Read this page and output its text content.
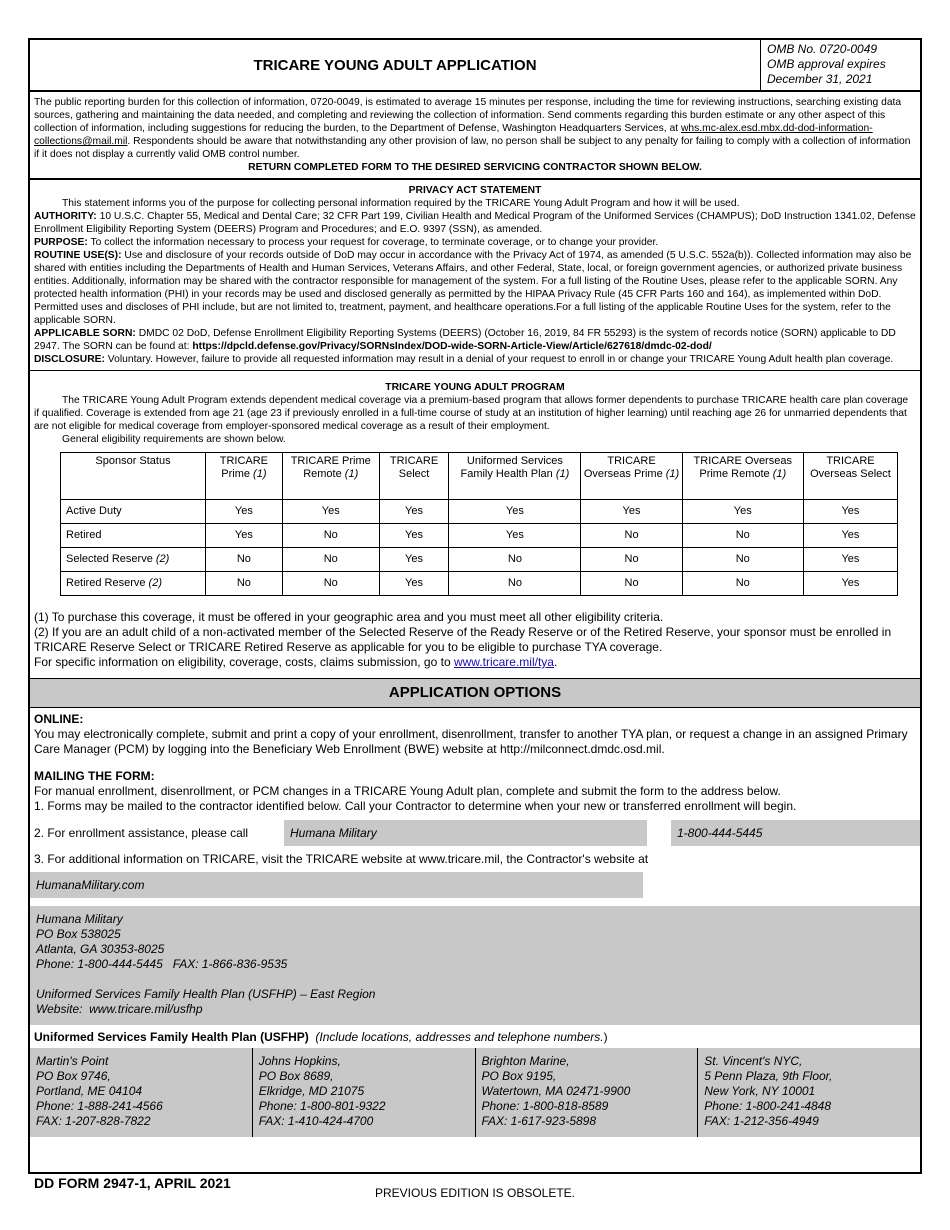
TRICARE YOUNG ADULT APPLICATION
OMB No. 0720-0049
OMB approval expires
December 31, 2021
The public reporting burden for this collection of information, 0720-0049, is estimated to average 15 minutes per response, including the time for reviewing instructions, searching existing data sources, gathering and maintaining the data needed, and completing and reviewing the collection of information. Send comments regarding this burden estimate or any other aspect of this collection of information, including suggestions for reducing the burden, to the Department of Defense, Washington Headquarters Services, at whs.mc-alex.esd.mbx.dd-dod-information-collections@mail.mil. Respondents should be aware that notwithstanding any other provision of law, no person shall be subject to any penalty for failing to comply with a collection of information if it does not display a currently valid OMB control number.
RETURN COMPLETED FORM TO THE DESIRED SERVICING CONTRACTOR SHOWN BELOW.
PRIVACY ACT STATEMENT
This statement informs you of the purpose for collecting personal information required by the TRICARE Young Adult Program and how it will be used.
AUTHORITY: 10 U.S.C. Chapter 55, Medical and Dental Care; 32 CFR Part 199, Civilian Health and Medical Program of the Uniformed Services (CHAMPUS); DoD Instruction 1341.02, Defense Enrollment Eligibility Reporting System (DEERS) Program and Procedures; and E.O. 9397 (SSN), as amended.
PURPOSE: To collect the information necessary to process your request for coverage, to terminate coverage, or to change your provider.
ROUTINE USE(S): Use and disclosure of your records outside of DoD may occur in accordance with the Privacy Act of 1974, as amended (5 U.S.C. 552a(b)). Collected information may also be shared with entities including the Departments of Health and Human Services, Veterans Affairs, and other Federal, State, local, or foreign government agencies, or authorized private business entities. Additionally, information may be shared with the contractor responsible for management of the system. For a full listing of the Routine Uses, please refer to the applicable SORN. Any protected health information (PHI) in your records may be used and disclosed generally as permitted by the HIPAA Privacy Rule (45 CFR Parts 160 and 164), as implemented within DoD. Permitted uses and discloses of PHI include, but are not limited to, treatment, payment, and healthcare operations.For a full listing of the applicable Routine Uses for the system, refer to the applicable SORN.
APPLICABLE SORN: DMDC 02 DoD, Defense Enrollment Eligibility Reporting Systems (DEERS) (October 16, 2019, 84 FR 55293) is the system of records notice (SORN) applicable to DD 2947. The SORN can be found at: https://dpcld.defense.gov/Privacy/SORNsIndex/DOD-wide-SORN-Article-View/Article/627618/dmdc-02-dod/
DISCLOSURE: Voluntary. However, failure to provide all requested information may result in a denial of your request to enroll in or change your TRICARE Young Adult health plan coverage.
TRICARE YOUNG ADULT PROGRAM
The TRICARE Young Adult Program extends dependent medical coverage via a premium-based program that allows former dependents to purchase TRICARE health care plan coverage if qualified. Coverage is extended from age 21 (age 23 if previously enrolled in a full-time course of study at an institution of higher learning) until reaching age 26 for unmarried dependents that are not eligible for medical coverage from employer-sponsored medical coverage as a result of their employment.
General eligibility requirements are shown below.
Sponsor Status	TRICARE Prime (1)	TRICARE Prime Remote (1)	TRICARE Select	Uniformed Services Family Health Plan (1)	TRICARE Overseas Prime (1)	TRICARE Overseas Prime Remote (1)	TRICARE Overseas Select
Active Duty	Yes	Yes	Yes	Yes	Yes	Yes	Yes
Retired	Yes	No	Yes	Yes	No	No	Yes
Selected Reserve (2)	No	No	Yes	No	No	No	Yes
Retired Reserve (2)	No	No	Yes	No	No	No	Yes
(1) To purchase this coverage, it must be offered in your geographic area and you must meet all other eligibility criteria.
(2) If you are an adult child of a non-activated member of the Selected Reserve of the Ready Reserve or of the Retired Reserve, your sponsor must be enrolled in TRICARE Reserve Select or TRICARE Retired Reserve as applicable for you to be eligible to purchase TYA coverage.
For specific information on eligibility, coverage, costs, claims submission, go to www.tricare.mil/tya.
APPLICATION OPTIONS
ONLINE:
You may electronically complete, submit and print a copy of your enrollment, disenrollment, transfer to another TYA plan, or request a change in an assigned Primary Care Manager (PCM) by logging into the Beneficiary Web Enrollment (BWE) website at http://milconnect.dmdc.osd.mil.
MAILING THE FORM:
For manual enrollment, disenrollment, or PCM changes in a TRICARE Young Adult plan, complete and submit the form to the address below.
1. Forms may be mailed to the contractor identified below. Call your Contractor to determine when your new or transferred enrollment will begin.
2. For enrollment assistance, please call	Humana Military	1-800-444-5445
3. For additional information on TRICARE, visit the TRICARE website at www.tricare.mil, the Contractor's website at
HumanaMilitary.com
Humana Military
PO Box 538025
Atlanta, GA 30353-8025
Phone: 1-800-444-5445   FAX: 1-866-836-9535
Uniformed Services Family Health Plan (USFHP) – East Region
Website:  www.tricare.mil/usfhp
Uniformed Services Family Health Plan (USFHP) (Include locations, addresses and telephone numbers.)
Martin's Point
PO Box 9746,
Portland, ME 04104
Phone: 1-888-241-4566
FAX: 1-207-828-7822
Johns Hopkins,
PO Box 8689,
Elkridge, MD 21075
Phone: 1-800-801-9322
FAX: 1-410-424-4700
Brighton Marine,
PO Box 9195,
Watertown, MA 02471-9900
Phone: 1-800-818-8589
FAX: 1-617-923-5898
St. Vincent's NYC,
5 Penn Plaza, 9th Floor,
New York, NY 10001
Phone: 1-800-241-4848
FAX: 1-212-356-4949
DD FORM 2947-1, APRIL 2021
PREVIOUS EDITION IS OBSOLETE.
